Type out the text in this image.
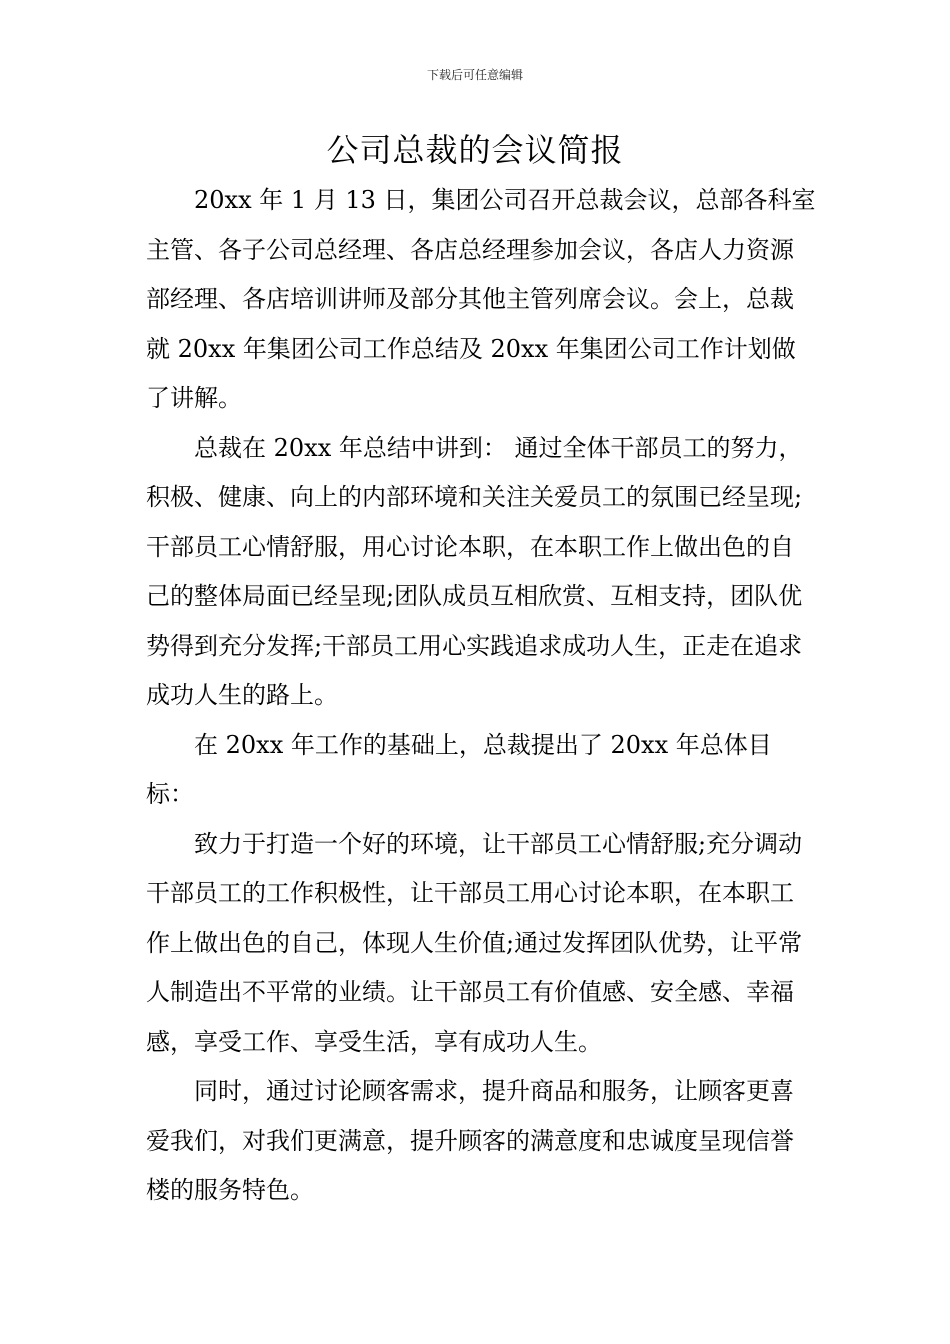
下载后可任意编辑
公司总裁的会议简报

20xx 年 1 月 13 日，集团公司召开总裁会议，总部各科室主管、各子公司总经理、各店总经理参加会议，各店人力资源部经理、各店培训讲师及部分其他主管列席会议。会上，总裁就 20xx 年集团公司工作总结及 20xx 年集团公司工作计划做了讲解。

总裁在 20xx 年总结中讲到： 通过全体干部员工的努力，积极、健康、向上的内部环境和关注关爱员工的氛围已经呈现;干部员工心情舒服，用心讨论本职，在本职工作上做出色的自己的整体局面已经呈现;团队成员互相欣赏、互相支持，团队优势得到充分发挥;干部员工用心实践追求成功人生，正走在追求成功人生的路上。

在 20xx 年工作的基础上，总裁提出了 20xx 年总体目标：

致力于打造一个好的环境，让干部员工心情舒服;充分调动干部员工的工作积极性，让干部员工用心讨论本职，在本职工作上做出色的自己，体现人生价值;通过发挥团队优势，让平常人制造出不平常的业绩。让干部员工有价值感、安全感、幸福感，享受工作、享受生活，享有成功人生。

同时，通过讨论顾客需求，提升商品和服务，让顾客更喜爱我们，对我们更满意，提升顾客的满意度和忠诚度呈现信誉楼的服务特色。
